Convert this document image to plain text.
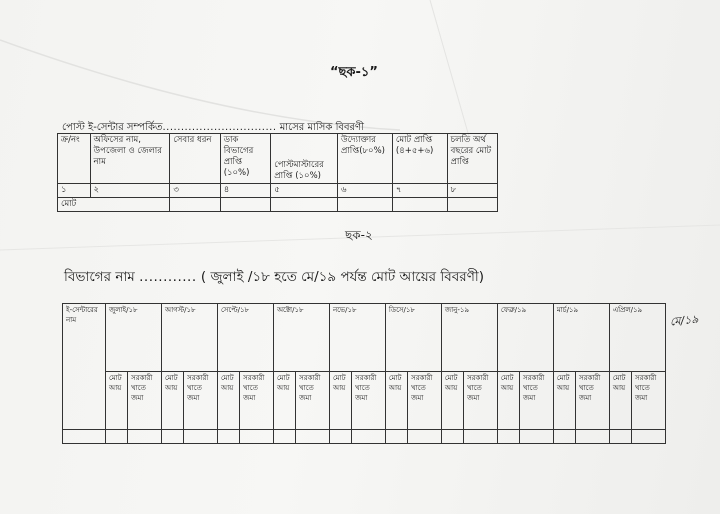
“ছক-১”
পোস্ট ই-সেন্টার সম্পর্কিত............................... মাসের মাসিক বিবরণী
ক্র/নং	অফিসের নাম, উপজেলা ও জেলার নাম	সেবার ধরন	ডাক বিভাগের প্রাপ্তি (১০%)	পোস্টমাস্টারের প্রাপ্তি (১০%)	উদ্যোক্তার প্রাপ্তি(৮০%)	মোট প্রাপ্তি (৪+৫+৬)	চলতি অর্থ বছরের মোট প্রাপ্তি
১	২	৩	৪	৫	৬	৭	৮
মোট							
ছক-২
বিভাগের নাম ............ ( জুলাই /১৮ হতে মে/১৯ পর্যন্ত মোট আয়ের বিবরণী)
ই-সেন্টারের নাম	জুলাই/১৮		আগস্ট/১৮		সেপ্টে/১৮		অক্টো/১৮		নভে/১৮		ডিসে/১৮		জানু-১৯		ফেব্রু/১৯		মার্চ/১৯		এপ্রিল/১৯	
	মোট আয়	সরকারী খাতে জমা	মোট আয়	সরকারী খাতে জমা	মোট আয়	সরকারী খাতে জমা	মোট আয়	সরকারী খাতে জমা	মোট আয়	সরকারী খাতে জমা	মোট আয়	সরকারী খাতে জমা	মোট আয়	সরকারী খাতে জমা	মোট আয়	সরকারী খাতে জমা	মোট আয়	সরকারী খাতে জমা	মোট আয়	সরকারী খাতে জমা

মে/১৯
